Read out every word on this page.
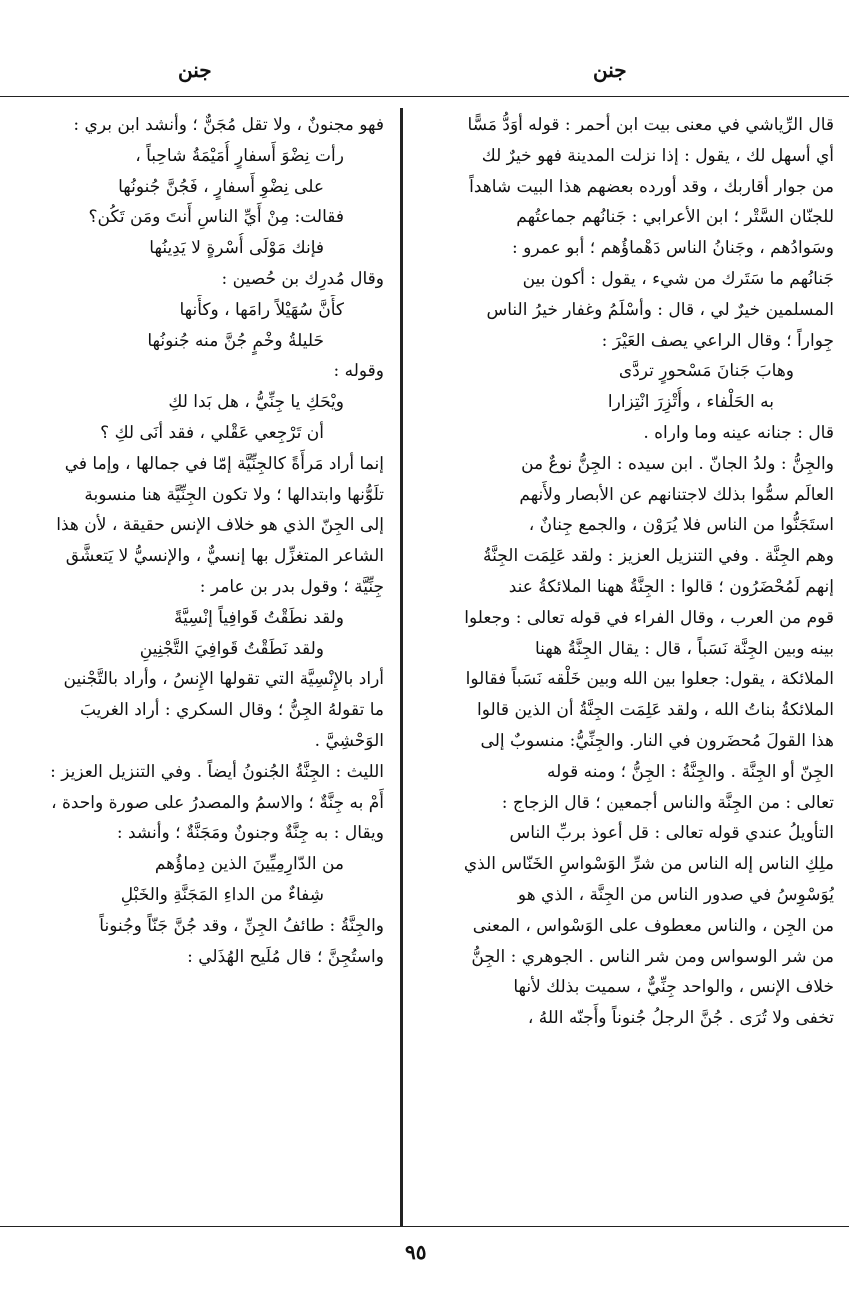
جنن
جنن
قال الرِّياشي في معنى بيت ابن أحمر : قوله أوَدُّ مَسًّا
أي أسهل لك ، يقول : إذا نزلت المدينة فهو خيرٌ لك
من جوار أقاربك ، وقد أورده بعضهم هذا البيت شاهداً
للجنّان السَّتْر ؛ ابن الأعرابي : جَنانُهم جماعتُهم
وسَوادُهم ، وجَنانُ الناس دَهْماؤُهم ؛ أبو عمرو :
جَنانُهم ما سَتَرك من شيء ، يقول : أكون بين
المسلمين خيرٌ لي ، قال : وأسْلَمُ وغفار خيرُ الناس
جِواراً ؛ وقال الراعي يصف العَيْرَ :
وهابَ جَنانَ مَسْحورٍ تردَّى
به الحَلْفاء ، وأُتْزِرَ انْتِزارا
قال : جنانه عينه وما واراه .
والجِنُّ : ولدُ الجانّ . ابن سيده : الجِنُّ نوعٌ من
العالَم سمُّوا بذلك لاجتنانهم عن الأبصار ولأَنهم
استَجَنُّوا من الناس فلا يُرَوْن ، والجمع جِنانٌ ،
وهم الجِنَّة . وفي التنزيل العزيز : ولقد عَلِمَت الجِنَّةُ
إنهم لَمُحْضَرُون ؛ قالوا : الجِنَّةُ ههنا الملائكةُ عند
قوم من العرب ، وقال الفراء في قوله تعالى : وجعلوا
بينه وبين الجِنَّة نَسَباً ، قال : يقال الجِنَّةُ ههنا
الملائكة ، يقول: جعلوا بين الله وبين خَلْقه نَسَباً فقالوا
الملائكةُ بناتُ الله ، ولقد عَلِمَت الجِنَّةُ أن الذين قالوا
هذا القولَ مُحضَرون في النار. والجِنِّيُّ: منسوبٌ إلى
الجِنّ أو الجِنَّة . والجِنَّةُ : الجِنُّ ؛ ومنه قوله
تعالى : من الجِنَّة والناس أجمعين ؛ قال الزجاج :
التأويلُ عندي قوله تعالى : قل أعوذ بربِّ الناس
ملِكِ الناس إله الناس من شرِّ الوَسْواسِ الخَنّاس الذي
يُوَسْوِسُ في صدور الناس من الجِنَّة ، الذي هو
من الجِن ، والناس معطوف على الوَسْواس ، المعنى
من شر الوسواس ومن شر الناس . الجوهري : الجِنُّ
خلاف الإنس ، والواحد جِنِّيٌّ ، سميت بذلك لأنها
تخفى ولا تُرَى . جُنَّ الرجلُ جُنوناً وأَجنّه اللهُ ،
فهو مجنونٌ ، ولا تقل مُجَنٌّ ؛ وأنشد ابن بري :
رأت نِضْوَ أَسفارٍ أُمَيْمَةُ شاحِباً ،
على نِضْوِ أَسفارٍ ، فَجُنَّ جُنونُها
فقالت: مِنْ أَيِّ الناسِ أَنتَ ومَن تَكُن؟
فإنك مَوْلَى أُسْرةٍ لا يَدِينُها
وقال مُدرِك بن حُصين :
كأَنَّ سُهَيْلاً رامَها ، وكأَنها
حَليلةُ وخْمٍ جُنَّ منه جُنونُها
وقوله :
ويْحَكِ يا جِنِّيُّ ، هل بَدا لكِ
أن تَرْجِعي عَقْلي ، فقد أنَى لكِ ؟
إنما أراد مَرأَةً كالجِنِّيَّة إمّا في جمالها ، وإما في
تلَوُّنها وابتدالها ؛ ولا تكون الجِنِّيَّة هنا منسوبة
إلى الجِنّ الذي هو خلاف الإنس حقيقة ، لأن هذا
الشاعر المتغزِّل بها إنسيٌّ ، والإنسيُّ لا يَتعشَّق
جِنِّيَّة ؛ وقول بدر بن عامر :
ولقد نطَقْتُ قَوافِياً إنْسِيَّةً
ولقد نَطَقْتُ قَوافِيَ التَّجْنِينِ
أراد بالإِنْسِيَّة التي تقولها الإِنسُ ، وأراد بالتَّجْنين
ما تقولهُ الجِنُّ ؛ وقال السكري : أراد الغريبَ
الوَحْشِيَّ .
الليث : الجِنَّةُ الجُنونُ أيضاً . وفي التنزيل العزيز :
أَمْ به جِنَّةٌ ؛ والاسمُ والمصدرُ على صورة واحدة ،
ويقال : به جِنَّةٌ وجنونٌ ومَجَنَّةٌ ؛ وأنشد :
من الدّارِمِيِّينَ الذين دِماؤُهم
شِفاءٌ من الداءِ المَجَنَّةِ والخَبْلِ
والجِنَّةُ : طائفُ الجِنِّ ، وقد جُنَّ جَنّاً وجُنوناً
واستُجِنَّ ؛ قال مُلَيح الهُذَلي :
٩٥
